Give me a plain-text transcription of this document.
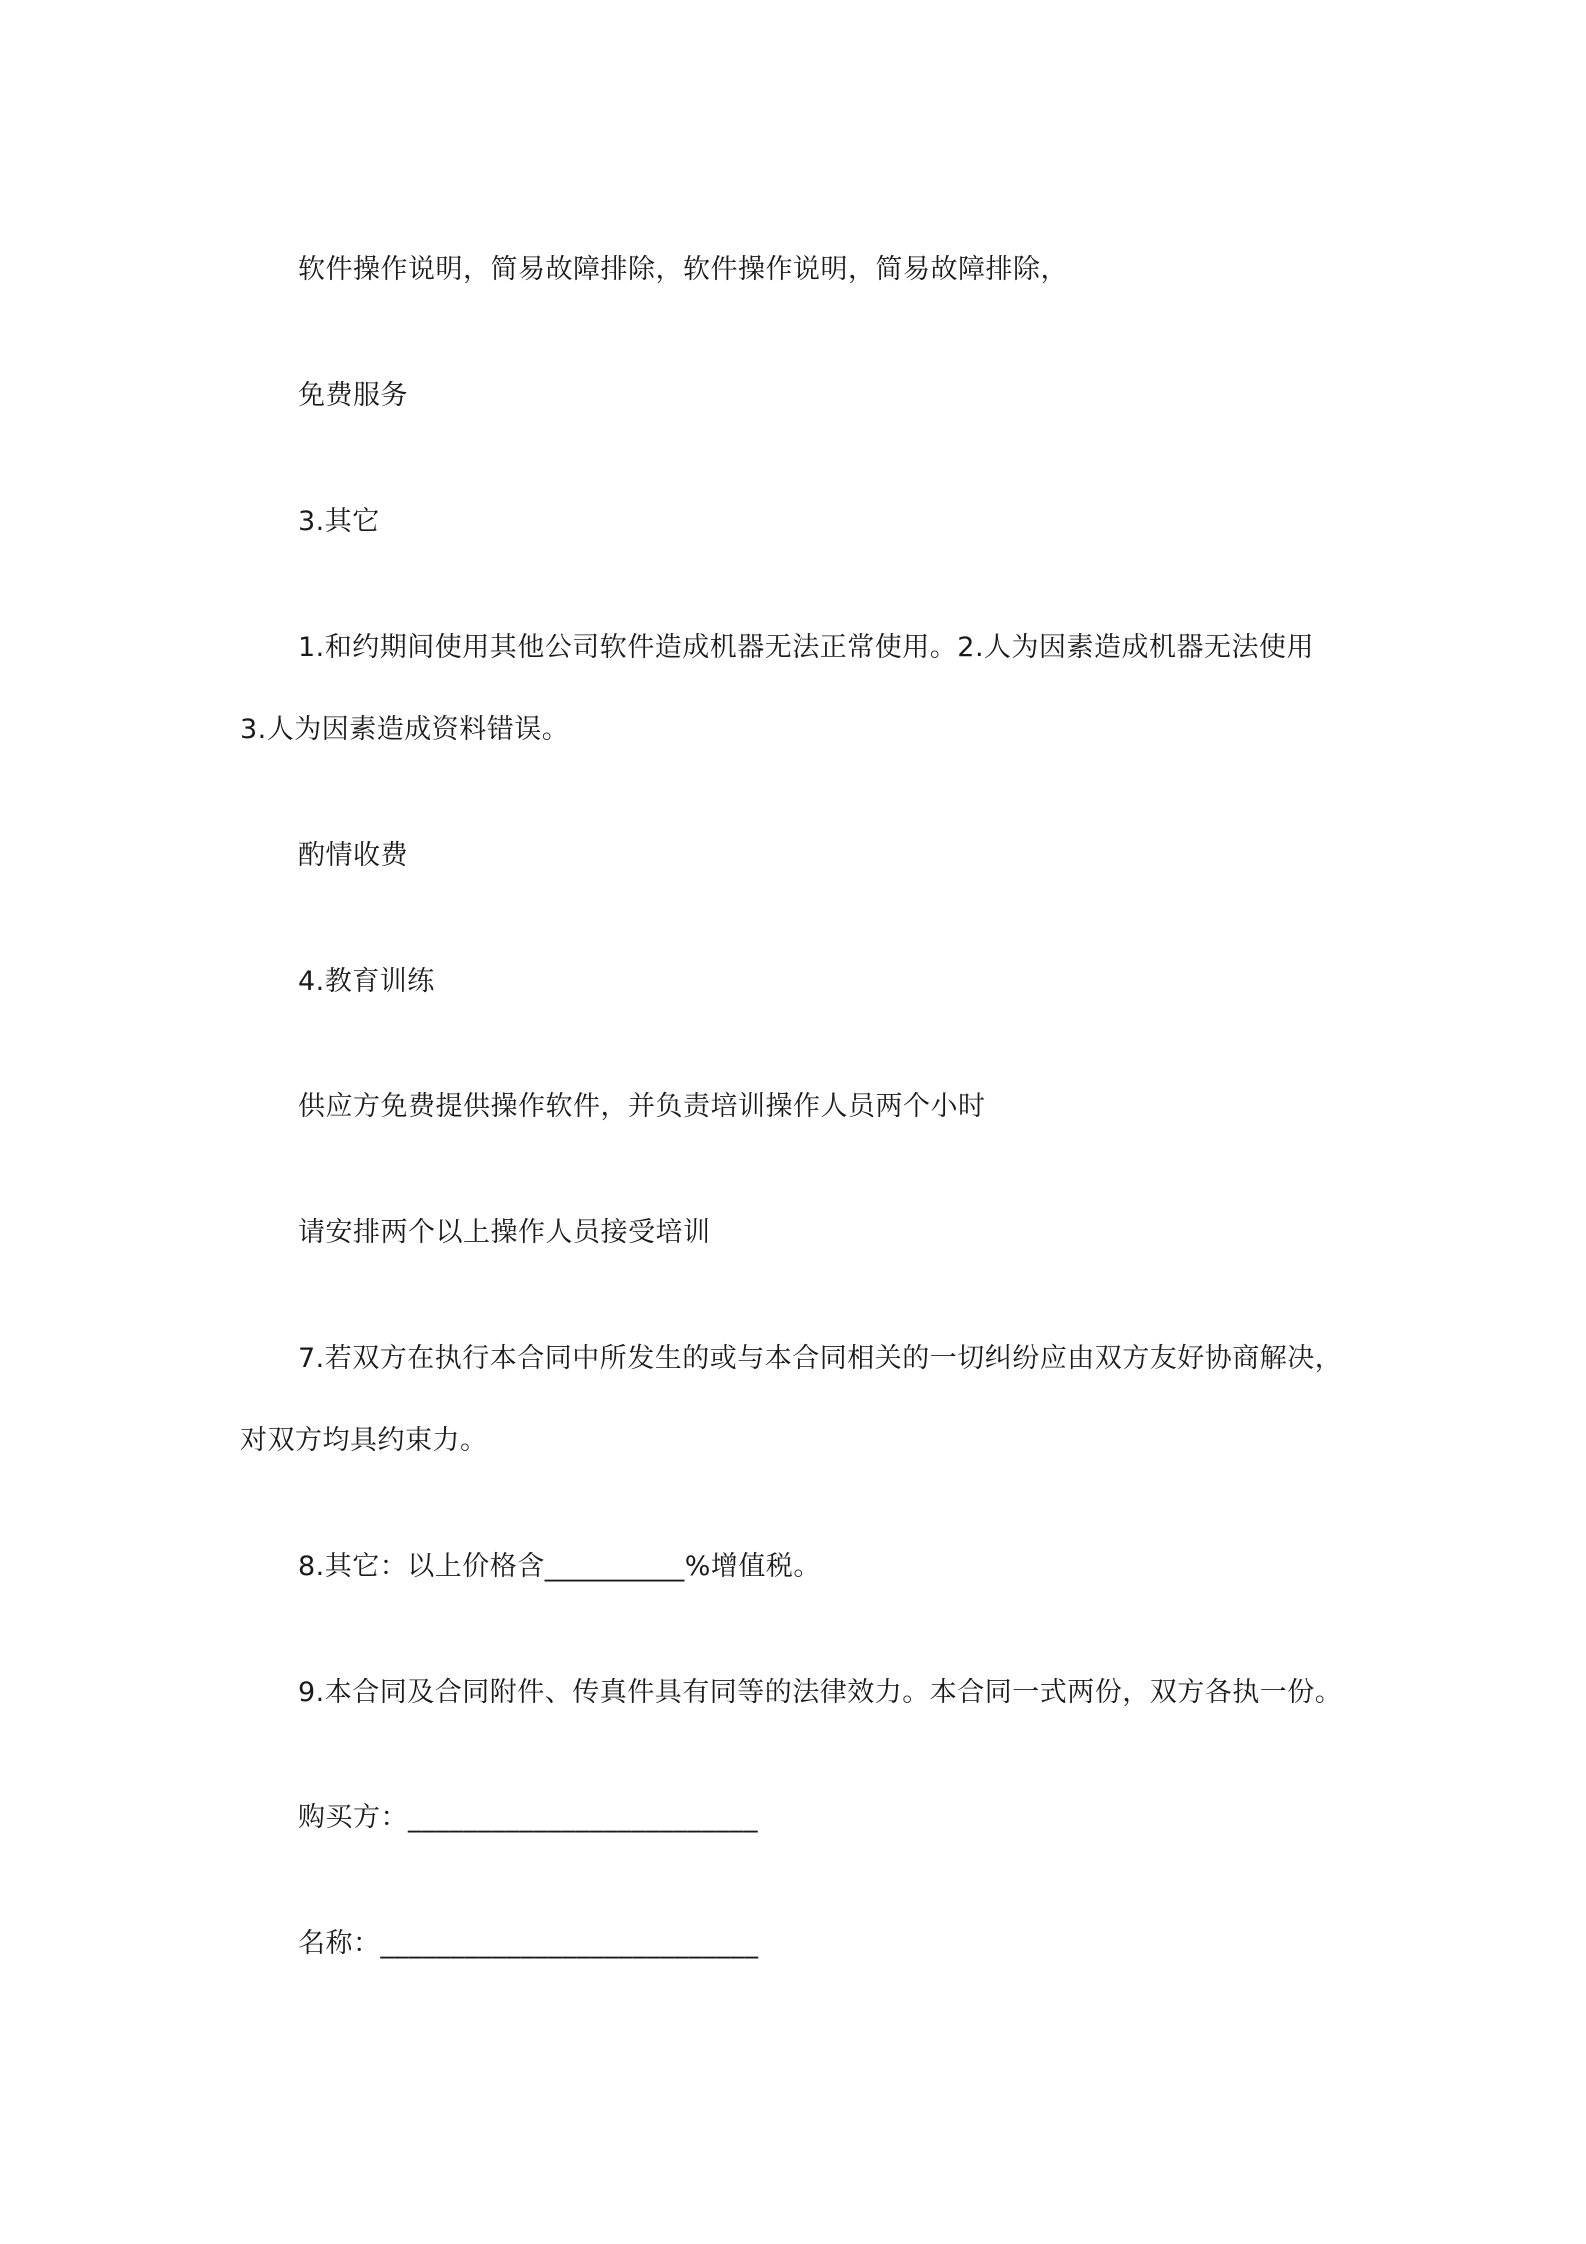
软件操作说明，简易故障排除，软件操作说明，简易故障排除，
免费服务
3.其它
1.和约期间使用其他公司软件造成机器无法正常使用。2.人为因素造成机器无法使用
3.人为因素造成资料错误。
酌情收费
4.教育训练
供应方免费提供操作软件，并负责培训操作人员两个小时
请安排两个以上操作人员接受培训
7.若双方在执行本合同中所发生的或与本合同相关的一切纠纷应由双方友好协商解决，
对双方均具约束力。
8.其它：以上价格含__________%增值税。
9.本合同及合同附件、传真件具有同等的法律效力。本合同一式两份，双方各执一份。
购买方：_________________________
名称：___________________________
